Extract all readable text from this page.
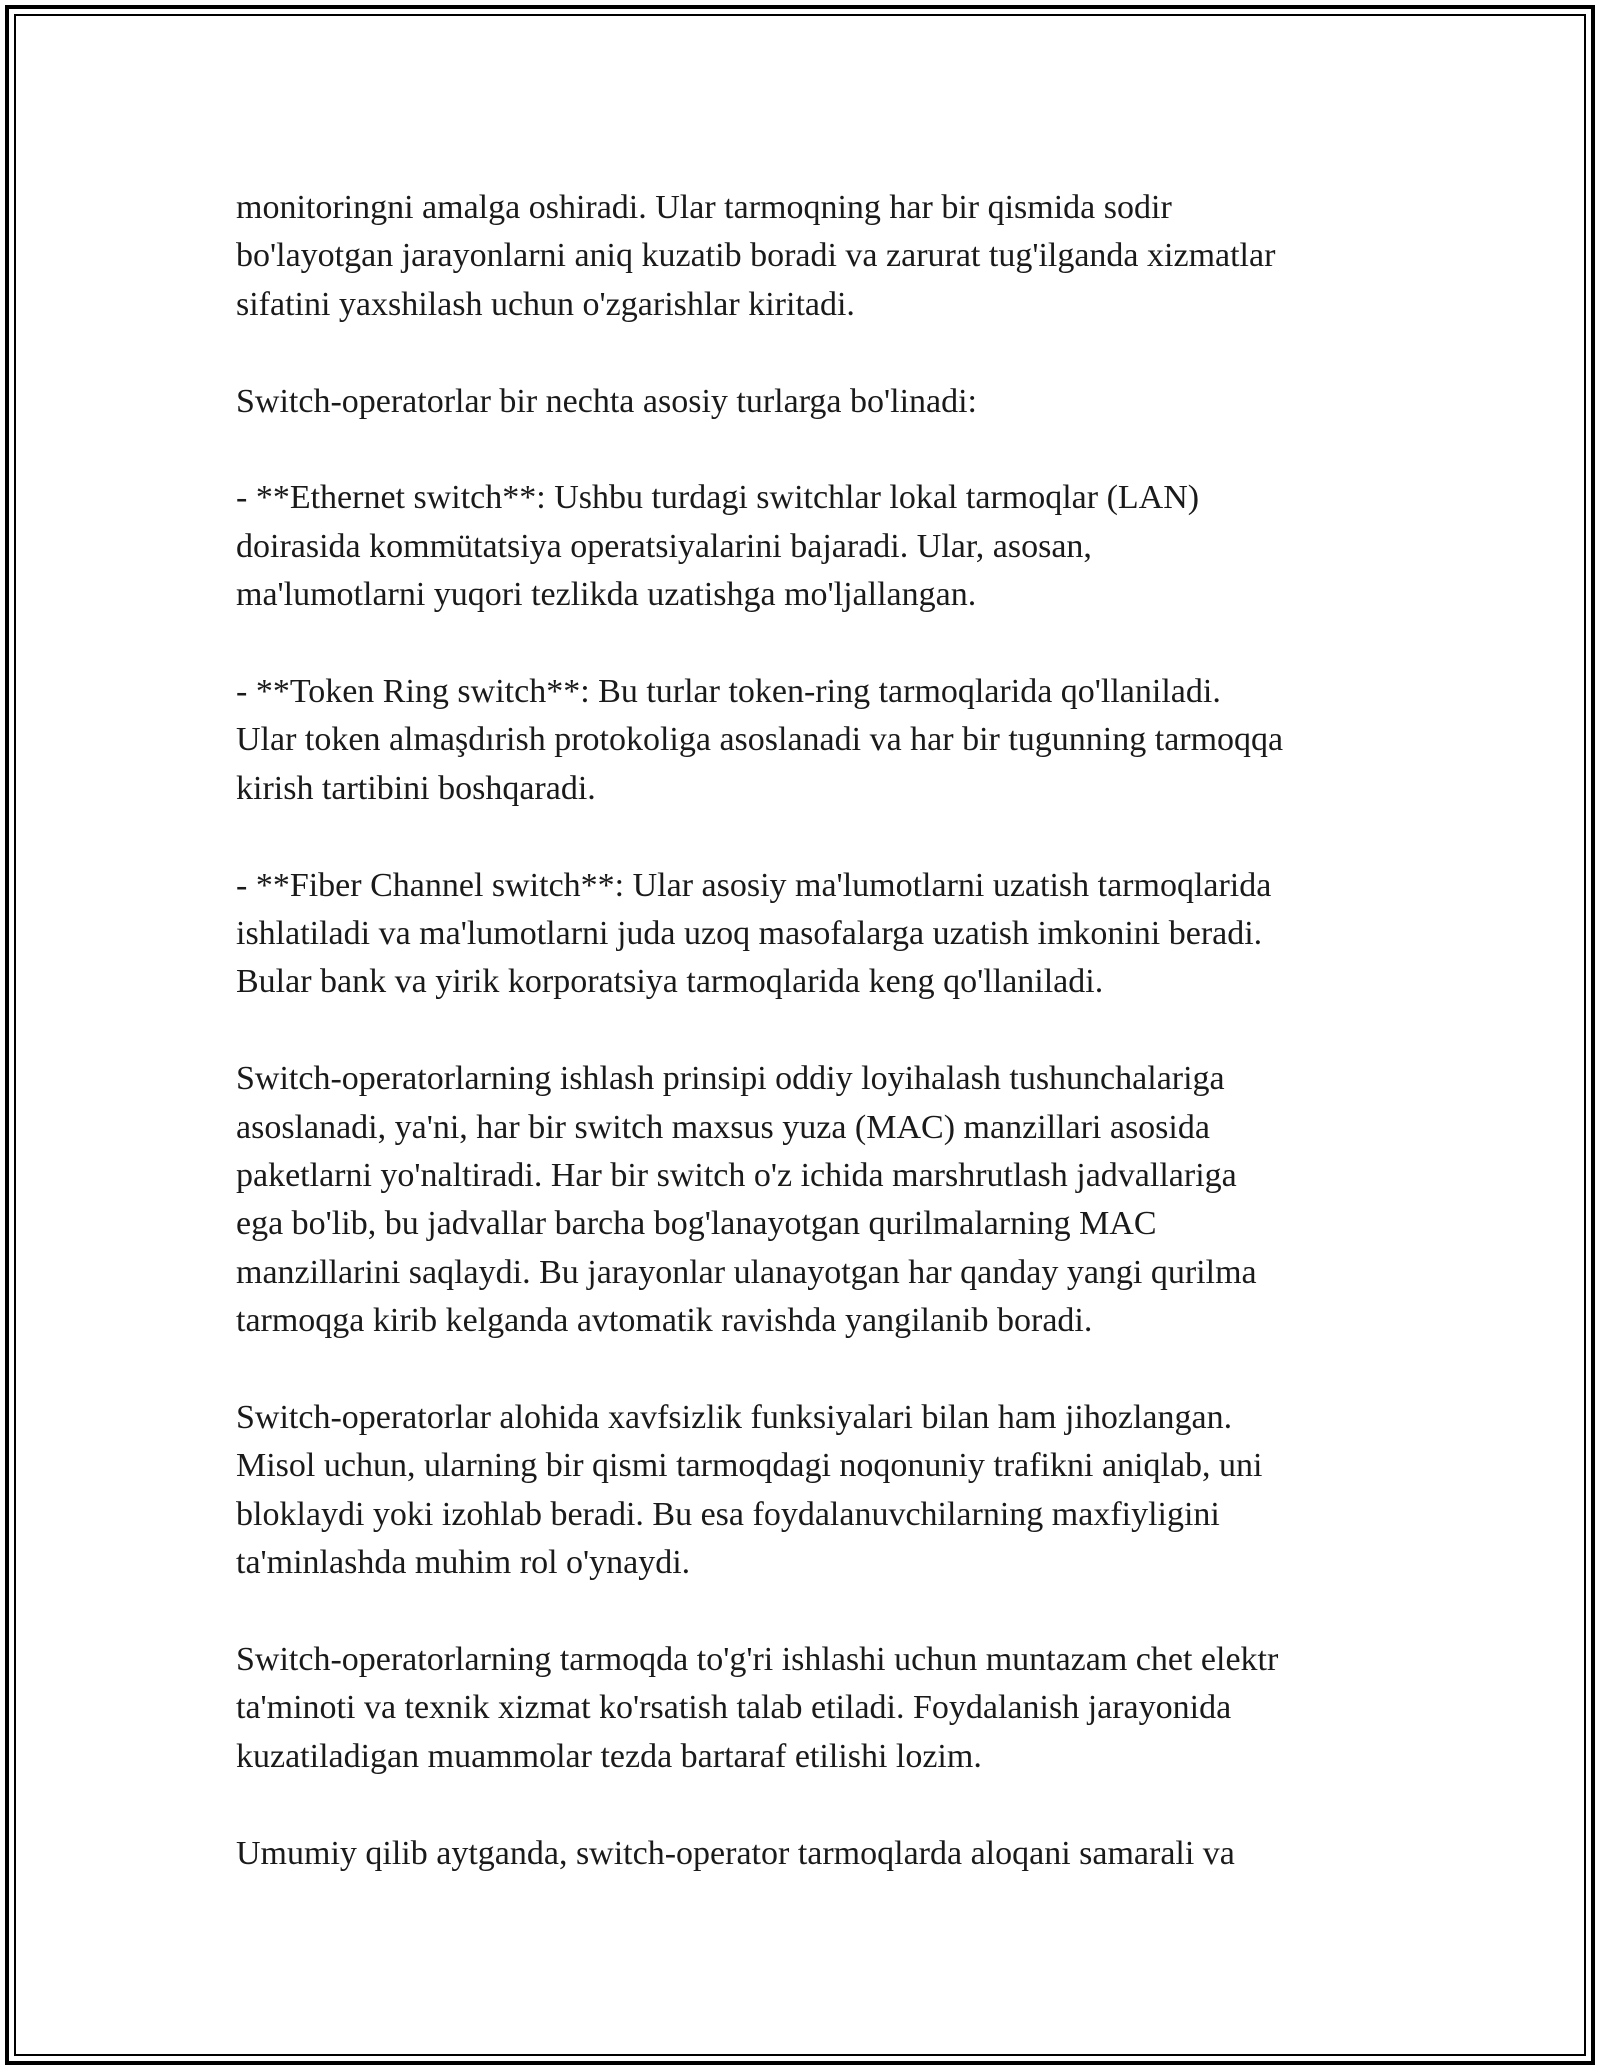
monitoringni amalga oshiradi. Ular tarmoqning har bir qismida sodir
bo'layotgan jarayonlarni aniq kuzatib boradi va zarurat tug'ilganda xizmatlar
sifatini yaxshilash uchun o'zgarishlar kiritadi.

Switch-operatorlar bir nechta asosiy turlarga bo'linadi:

- **Ethernet switch**: Ushbu turdagi switchlar lokal tarmoqlar (LAN)
doirasida kommütatsiya operatsiyalarini bajaradi. Ular, asosan,
ma'lumotlarni yuqori tezlikda uzatishga mo'ljallangan.

- **Token Ring switch**: Bu turlar token-ring tarmoqlarida qo'llaniladi.
Ular token almaşdırish protokoliga asoslanadi va har bir tugunning tarmoqqa
kirish tartibini boshqaradi.

- **Fiber Channel switch**: Ular asosiy ma'lumotlarni uzatish tarmoqlarida
ishlatiladi va ma'lumotlarni juda uzoq masofalarga uzatish imkonini beradi.
Bular bank va yirik korporatsiya tarmoqlarida keng qo'llaniladi.

Switch-operatorlarning ishlash prinsipi oddiy loyihalash tushunchalariga
asoslanadi, ya'ni, har bir switch maxsus yuza (MAC) manzillari asosida
paketlarni yo'naltiradi. Har bir switch o'z ichida marshrutlash jadvallariga
ega bo'lib, bu jadvallar barcha bog'lanayotgan qurilmalarning MAC
manzillarini saqlaydi. Bu jarayonlar ulanayotgan har qanday yangi qurilma
tarmoqga kirib kelganda avtomatik ravishda yangilanib boradi.

Switch-operatorlar alohida xavfsizlik funksiyalari bilan ham jihozlangan.
Misol uchun, ularning bir qismi tarmoqdagi noqonuniy trafikni aniqlab, uni
bloklaydi yoki izohlab beradi. Bu esa foydalanuvchilarning maxfiyligini
ta'minlashda muhim rol o'ynaydi.

Switch-operatorlarning tarmoqda to'g'ri ishlashi uchun muntazam chet elektr
ta'minoti va texnik xizmat ko'rsatish talab etiladi. Foydalanish jarayonida
kuzatiladigan muammolar tezda bartaraf etilishi lozim.

Umumiy qilib aytganda, switch-operator tarmoqlarda aloqani samarali va
